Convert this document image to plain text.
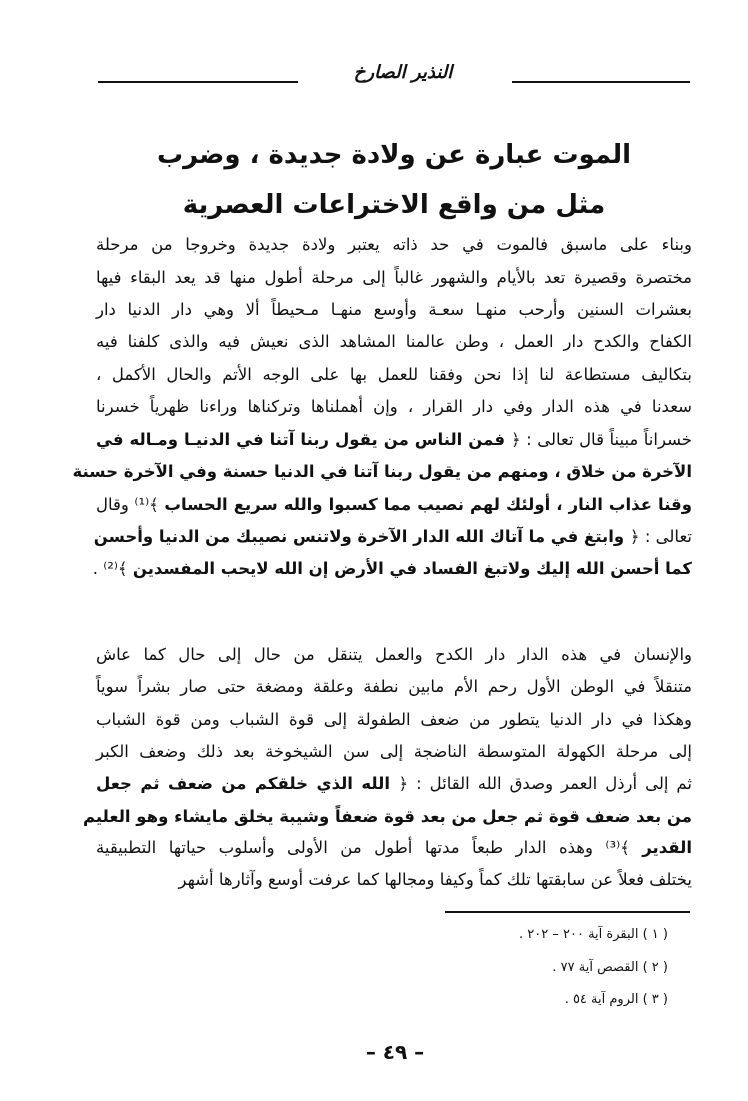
النذير الصارخ
الموت عبارة عن ولادة جديدة ، وضرب
مثل من واقع الاختراعات العصرية
وبناء على ماسبق فالموت في حد ذاته يعتبر ولادة جديدة وخروجا من مرحلة
مختصرة وقصيرة تعد بالأيام والشهور غالباً إلى مرحلة أطول منها قد يعد البقاء فيها
بعشرات السنين وأرحب منهـا سعـة وأوسع منهـا مـحيطاً ألا وهي دار الدنيا دار
الكفاح والكدح دار العمل ، وطن عالمنا المشاهد الذى نعيش فيه والذى كلفنا فيه
بتكاليف مستطاعة لنا إذا نحن وفقنا للعمل بها على الوجه الأتم والحال الأكمل ،
سعدنا في هذه الدار وفي دار القرار ، وإن أهملناها وتركناها وراءنا ظهرياً خسرنا
خسراناً مبيناً قال تعالى : ﴿ فمن الناس من يقول ربنا آتنا في الدنيـا ومـاله في
الآخرة من خلاق ، ومنهم من يقول ربنا آتنا في الدنيا حسنة وفي الآخرة حسنة
وقنا عذاب النار ، أولئك لهم نصيب مما كسبوا والله سريع الحساب ﴾⁽¹⁾ وقال
تعالى : ﴿ وابتغ في ما آتاك الله الدار الآخرة ولاتنس نصيبك من الدنيا وأحسن
كما أحسن الله إليك ولاتبغ الفساد في الأرض إن الله لايحب المفسدين ﴾⁽²⁾ .
والإنسان في هذه الدار دار الكدح والعمل يتنقل من حال إلى حال كما عاش
متنقلاً في الوطن الأول رحم الأم مابين نطفة وعلقة ومضغة حتى صار بشراً سوياً
وهكذا في دار الدنيا يتطور من ضعف الطفولة إلى قوة الشباب ومن قوة الشباب
إلى مرحلة الكهولة المتوسطة الناضجة إلى سن الشيخوخة بعد ذلك وضعف الكبر
ثم إلى أرذل العمر وصدق الله القائل : ﴿ الله الذي خلقكم من ضعف ثم جعل
من بعد ضعف قوة ثم جعل من بعد قوة ضعفاً وشيبة يخلق مايشاء وهو العليم
القدير ﴾⁽³⁾ وهذه الدار طبعاً مدتها أطول من الأولى وأسلوب حياتها التطبيقية
يختلف فعلاً عن سابقتها تلك كماً وكيفا ومجالها كما عرفت أوسع وآثارها أشهر
( ١ ) البقرة آية ٢٠٠ – ٢٠٢ .
( ٢ ) القصص آية ٧٧ .
( ٣ ) الروم آية ٥٤ .
– ٤٩ –
